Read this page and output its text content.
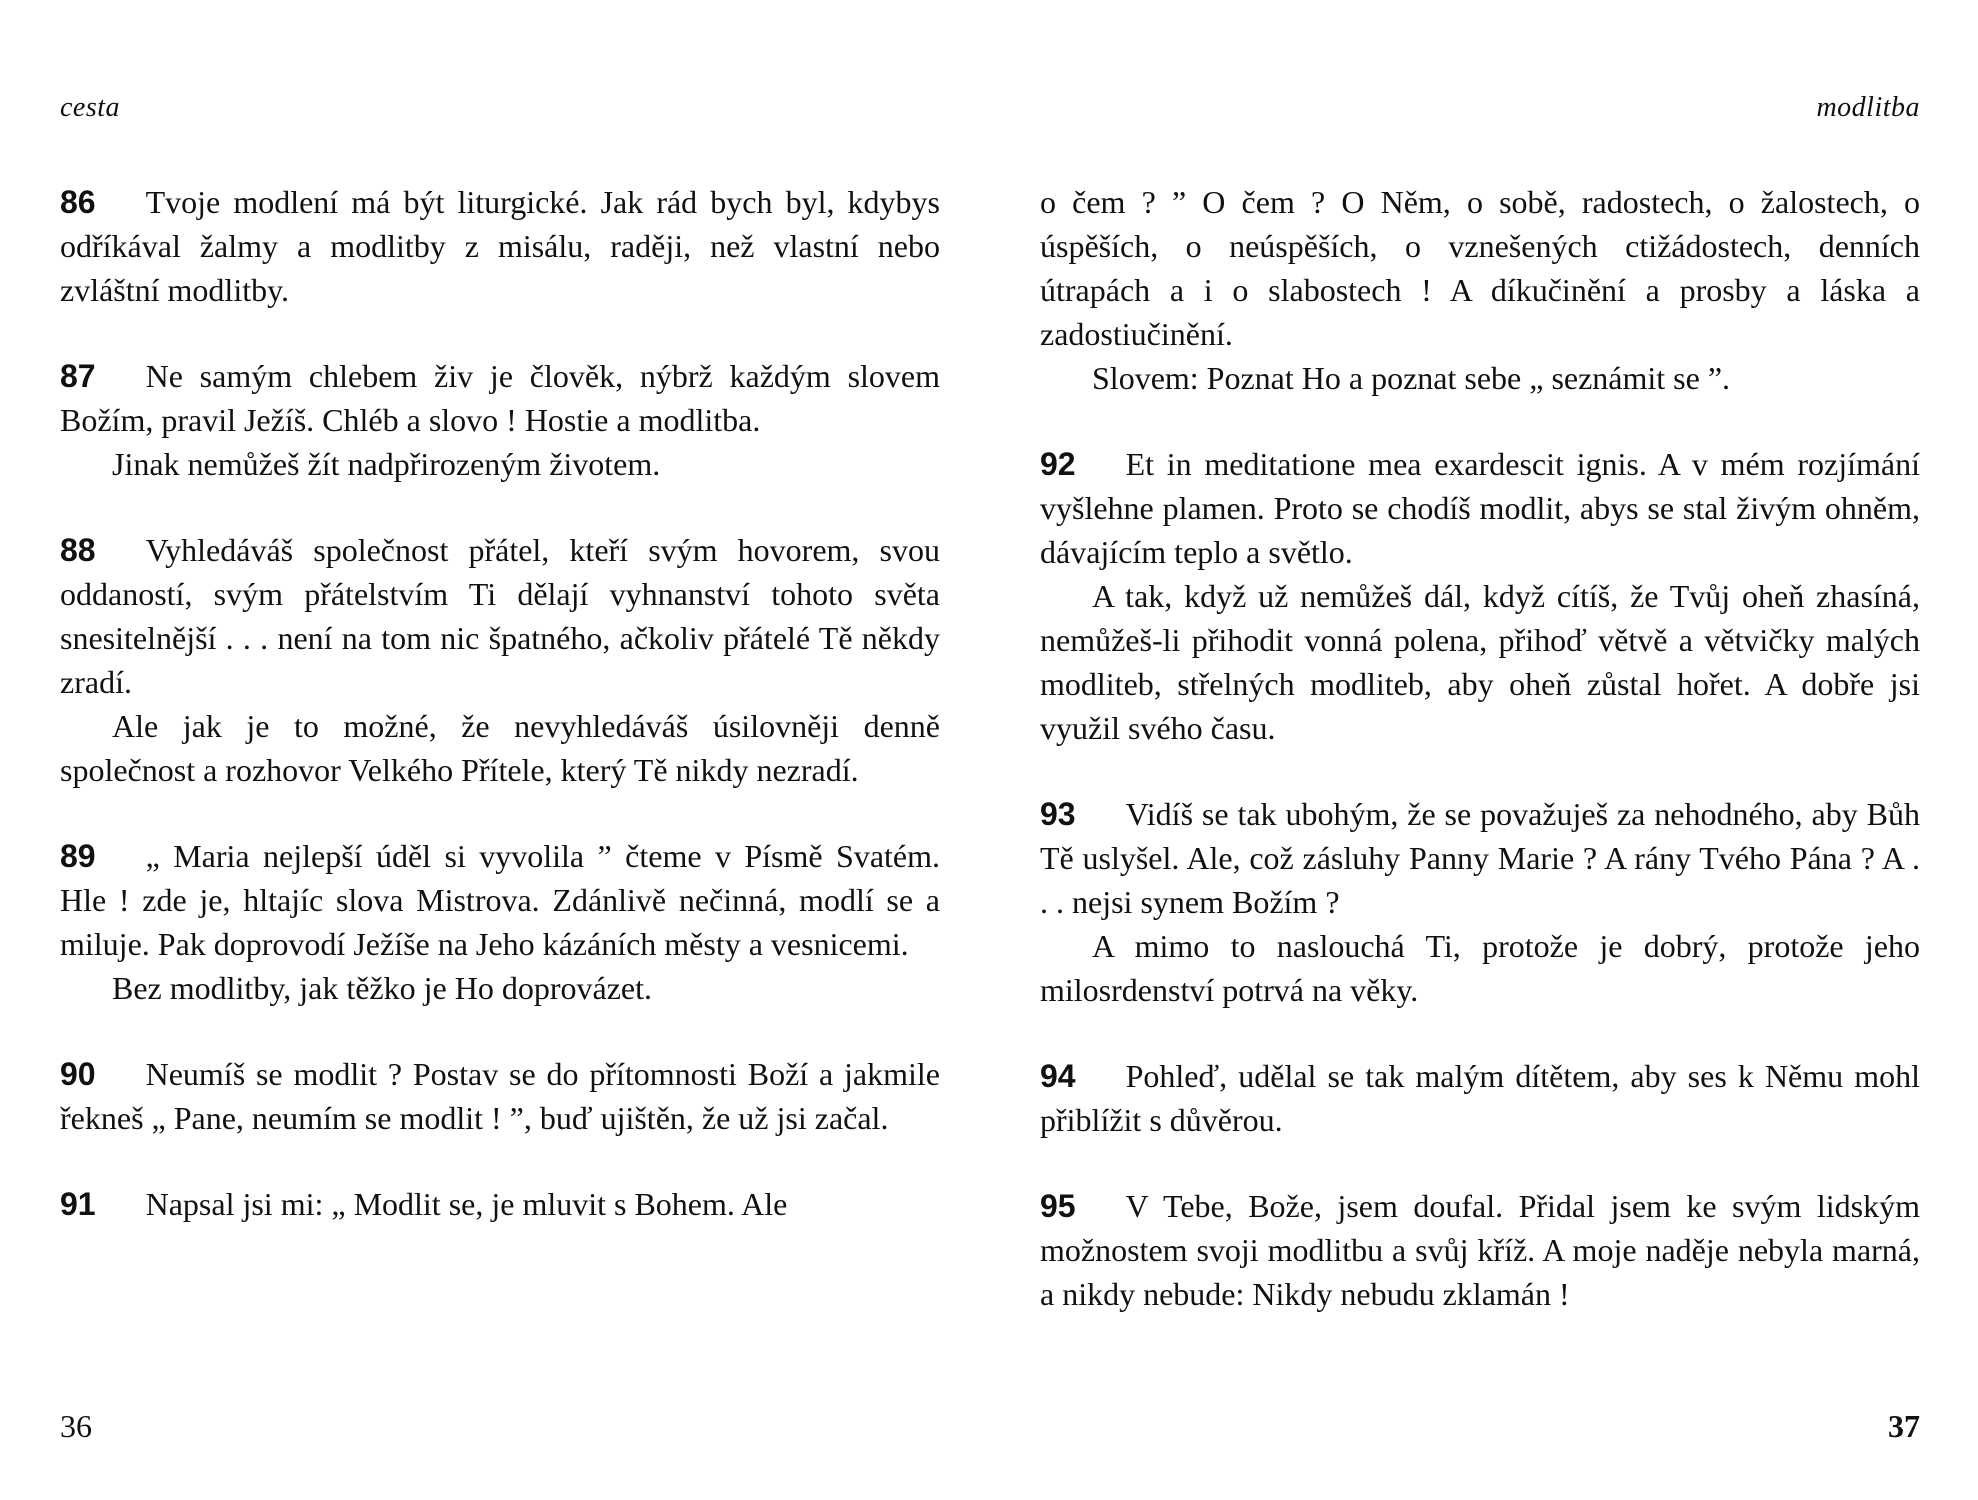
cesta

86 Tvoje modlení má být liturgické. Jak rád bych byl, kdybys odříkával žalmy a modlitby z misálu, raději, než vlastní nebo zvláštní modlitby.

87 Ne samým chlebem živ je člověk, nýbrž každým slovem Božím, pravil Ježíš. Chléb a slovo ! Hostie a modlitba.

Jinak nemůžeš žít nadpřirozeným životem.

88 Vyhledáváš společnost přátel, kteří svým hovorem, svou oddaností, svým přátelstvím Ti dělají vyhnanství tohoto světa snesitelnější . . . není na tom nic špatného, ačkoliv přátelé Tě někdy zradí.

Ale jak je to možné, že nevyhledáváš úsilovněji denně společnost a rozhovor Velkého Přítele, který Tě nikdy nezradí.

89 „ Maria nejlepší úděl si vyvolila ” čteme v Písmě Svatém. Hle ! zde je, hltajíc slova Mistrova. Zdánlivě nečinná, modlí se a miluje. Pak doprovodí Ježíše na Jeho kázáních městy a vesnicemi.

Bez modlitby, jak těžko je Ho doprovázet.

90 Neumíš se modlit ? Postav se do přítomnosti Boží a jakmile řekneš „ Pane, neumím se modlit ! ”, buď ujištěn, že už jsi začal.

91 Napsal jsi mi: „ Modlit se, je mluvit s Bohem. Ale

36
modlitba

o čem ? ” O čem ? O Něm, o sobě, radostech, o žalostech, o úspěších, o neúspěších, o vznešených ctižádostech, denních útrapách a i o slabostech ! A díkučinění a prosby a láska a zadostiučinění.

Slovem: Poznat Ho a poznat sebe „ seznámit se ”.

92 Et in meditatione mea exardescit ignis. A v mém rozjímání vyšlehne plamen. Proto se chodíš modlit, abys se stal živým ohněm, dávajícím teplo a světlo.

A tak, když už nemůžeš dál, když cítíš, že Tvůj oheň zhasíná, nemůžeš-li přihodit vonná polena, přihoď větvě a větvičky malých modliteb, střelných modliteb, aby oheň zůstal hořet. A dobře jsi využil svého času.

93 Vidíš se tak ubohým, že se považuješ za nehodného, aby Bůh Tě uslyšel. Ale, což zásluhy Panny Marie ? A rány Tvého Pána ? A . . . nejsi synem Božím ?

A mimo to naslouchá Ti, protože je dobrý, protože jeho milosrdenství potrvá na věky.

94 Pohleď, udělal se tak malým dítětem, aby ses k Němu mohl přiblížit s důvěrou.

95 V Tebe, Bože, jsem doufal. Přidal jsem ke svým lidským možnostem svoji modlitbu a svůj kříž. A moje naděje nebyla marná, a nikdy nebude: Nikdy nebudu zklamán !

37
